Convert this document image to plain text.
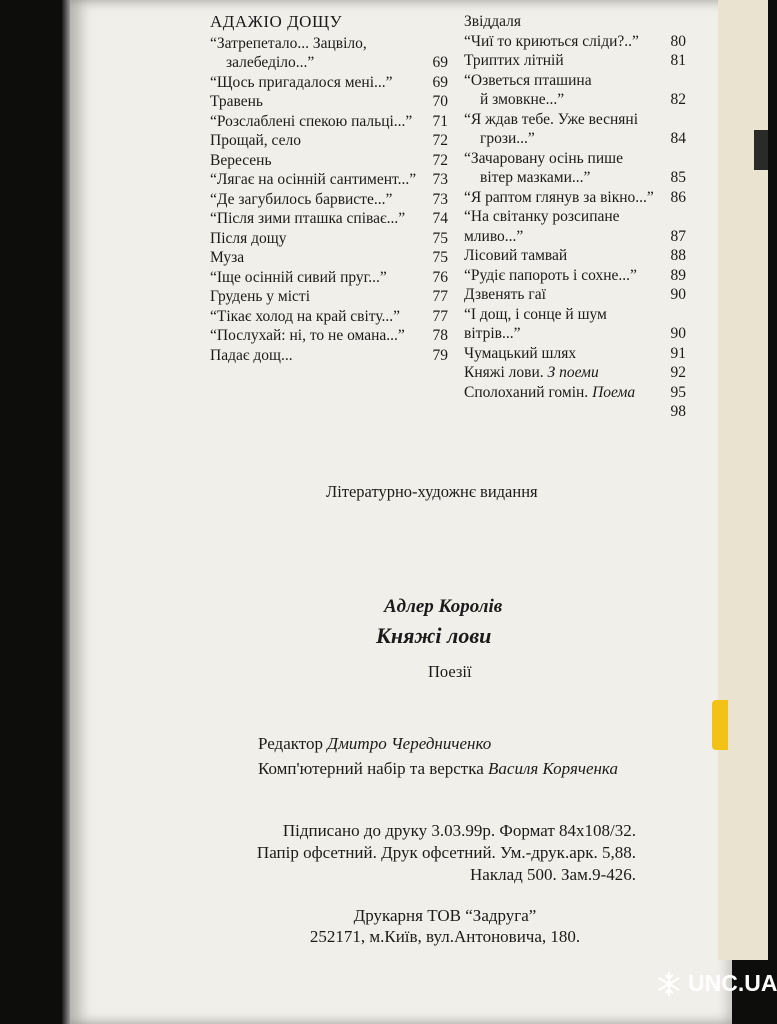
АДАЖІО ДОЩУ
“Затрепетало... Зацвіло,
залебеділо...”	69
“Щось пригадалося мені...”	69
Травень	70
“Розслаблені спекою пальці...”	71
Прощай, село	72
Вересень	72
“Лягає на осінній сантимент...”	73
“Де загубилось барвисте...”	73
“Після зими пташка співає...”	74
Після дощу	75
Муза	75
“Іще осінній сивий пруг...”	76
Грудень у місті	77
“Тікає холод на край світу...”	77
“Послухай: ні, то не омана...”	78
Падає дощ...	79
Звіддаля
“Чиї то криються сліди?..”	80
Триптих літній	81
“Озветься пташина
й змовкне...”	82
“Я ждав тебе. Уже весняні
грози...”	84
“Зачаровану осінь пише
вітер мазками...”	85
“Я раптом глянув за вікно...”	86
“На світанку розсипане мливо...”	87
Лісовий тамвай	88
“Рудіє папороть і сохне...”	89
Дзвенять гаї	90
“І дощ, і сонце й шум вітрів...”	90
Чумацький шлях	91
Княжі лови. З поеми	92
Сполоханий гомін. Поема	95
98
Літературно-художнє видання
Адлер Королів
Княжі лови
Поезії
Редактор Дмитро Чередниченко
Комп'ютерний набір та верстка Василя Коряченка
Підписано до друку 3.03.99р. Формат 84x108/32.
Папір офсетний. Друк офсетний. Ум.-друк.арк. 5,88.
Наклад 500. Зам.9-426.
Друкарня ТОВ “Задруга”
252171, м.Київ, вул.Антоновича, 180.
UNC.UA
